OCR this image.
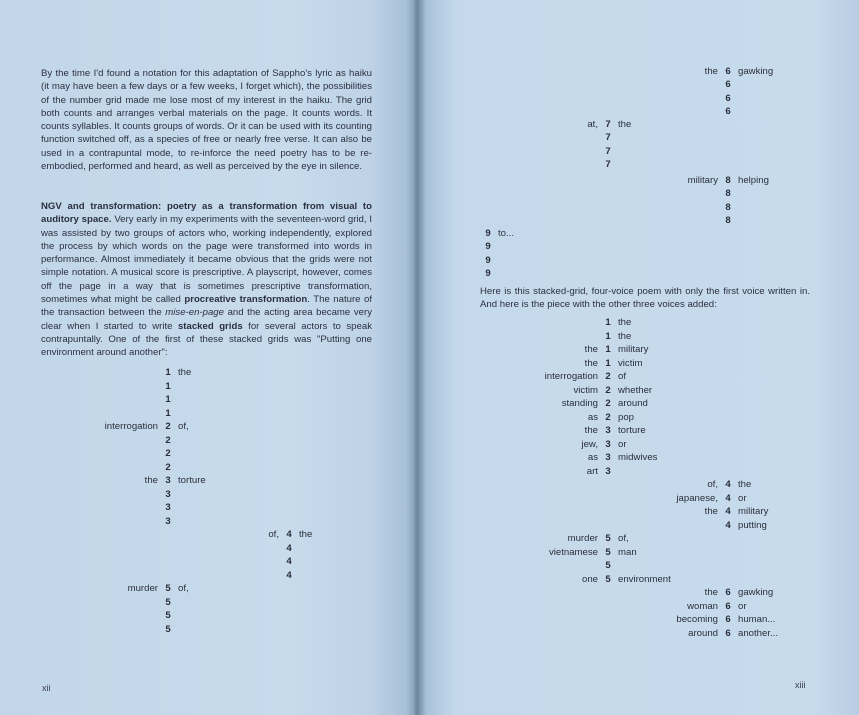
By the time I'd found a notation for this adaptation of Sappho's lyric as haiku (it may have been a few days or a few weeks, I forget which), the possibilities of the number grid made me lose most of my interest in the haiku. The grid both counts and arranges verbal materials on the page. It counts words. It counts syllables. It counts groups of words. Or it can be used with its counting function switched off, as a species of free or nearly free verse. It can also be used in a contrapuntal mode, to re-inforce the need poetry has to be re-embodied, performed and heard, as well as perceived by the eye in silence.

NGV and transformation: poetry as a transformation from visual to auditory space. Very early in my experiments with the seventeen-word grid, I was assisted by two groups of actors who, working independently, explored the process by which words on the page were transformed into words in performance. Almost immediately it became obvious that the grids were not simple notation. A musical score is prescriptive. A playscript, however, comes off the page in a way that is sometimes prescriptive transformation, sometimes what might be called procreative transformation. The nature of the transaction between the mise-en-page and the acting area became very clear when I started to write stacked grids for several actors to speak contrapuntally. One of the first of these stacked grids was "Putting one environment around another":

1 the
1
1
1
interrogation 2 of,
2
2
2
the 3 torture
3
3
3
of, 4 the
4
4
4
murder 5 of,
5
5
5
xii
the 6 gawking
6
6
6
at, 7 the
7
7
7
military 8 helping
8
8
8
9 to...
9
9
9

Here is this stacked-grid, four-voice poem with only the first voice written in. And here is the piece with the other three voices added:

1 the
1 the
the 1 military
the 1 victim
interrogation 2 of
victim 2 whether
standing 2 around
as 2 pop
the 3 torture
jew, 3 or
as 3 midwives
art 3
of, 4 the
japanese, 4 or
the 4 military
4 putting
murder 5 of,
vietnamese 5 man
5
one 5 environment
the 6 gawking
woman 6 or
becoming 6 human...
around 6 another...
xiii
